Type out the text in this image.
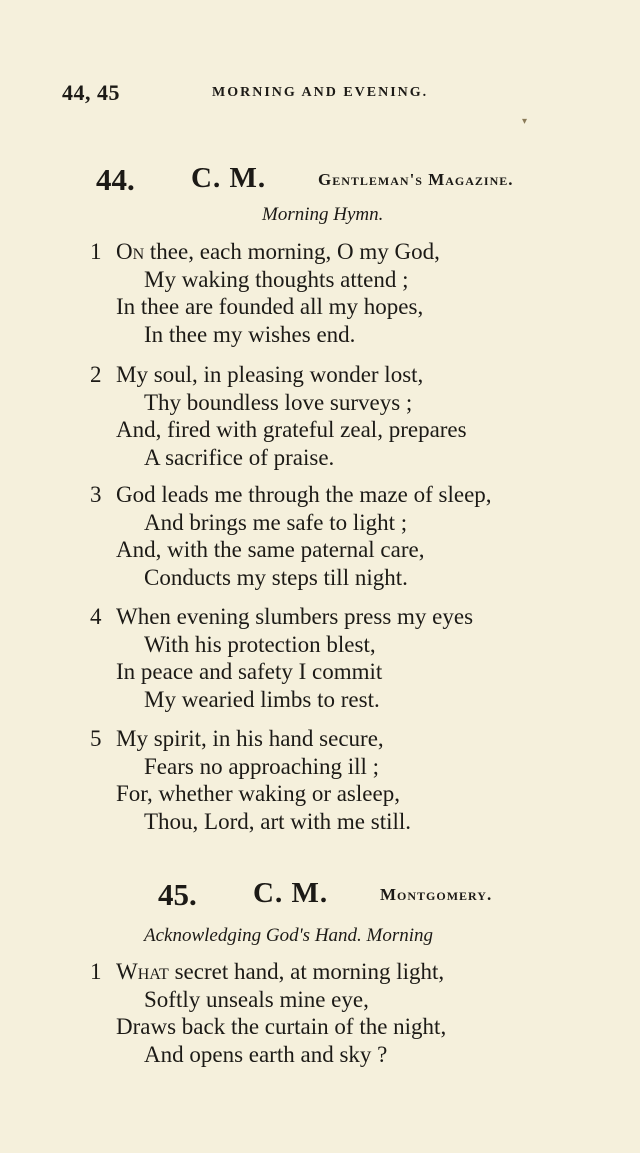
44, 45	MORNING AND EVENING.
▾
44. C. M.	Gentleman's Magazine.
Morning Hymn.
1 On thee, each morning, O my God,
My waking thoughts attend ;
In thee are founded all my hopes,
In thee my wishes end.
2 My soul, in pleasing wonder lost,
Thy boundless love surveys ;
And, fired with grateful zeal, prepares
A sacrifice of praise.
3 God leads me through the maze of sleep,
And brings me safe to light ;
And, with the same paternal care,
Conducts my steps till night.
4 When evening slumbers press my eyes
With his protection blest,
In peace and safety I commit
My wearied limbs to rest.
5 My spirit, in his hand secure,
Fears no approaching ill ;
For, whether waking or asleep,
Thou, Lord, art with me still.
45. C. M.	Montgomery.
Acknowledging God's Hand. Morning
1 What secret hand, at morning light,
Softly unseals mine eye,
Draws back the curtain of the night,
And opens earth and sky ?
